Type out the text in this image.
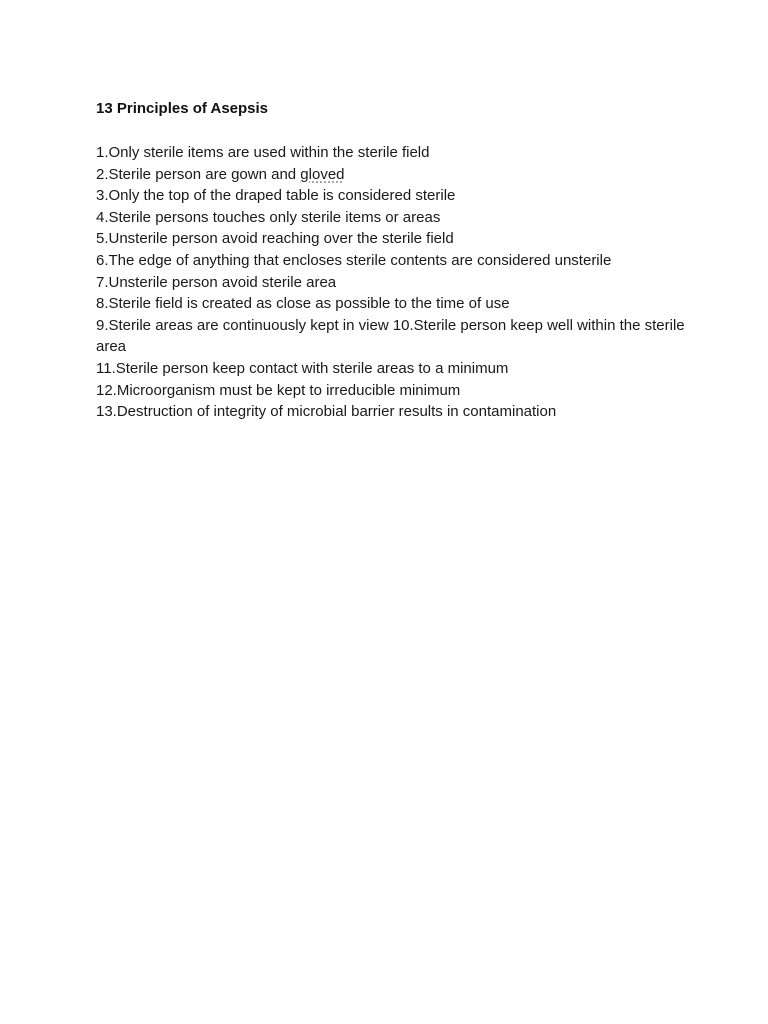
13 Principles of Asepsis
1.Only sterile items are used within the sterile field
2.Sterile person are gown and gloved
3.Only the top of the draped table is considered sterile
4.Sterile persons touches only sterile items or areas
5.Unsterile person avoid reaching over the sterile field
6.The edge of anything that encloses sterile contents are considered unsterile
7.Unsterile person avoid sterile area
8.Sterile field is created as close as possible to the time of use
9.Sterile areas are continuously kept in view 10.Sterile person keep well within the sterile area
11.Sterile person keep contact with sterile areas to a minimum
12.Microorganism must be kept to irreducible minimum
13.Destruction of integrity of microbial barrier results in contamination
